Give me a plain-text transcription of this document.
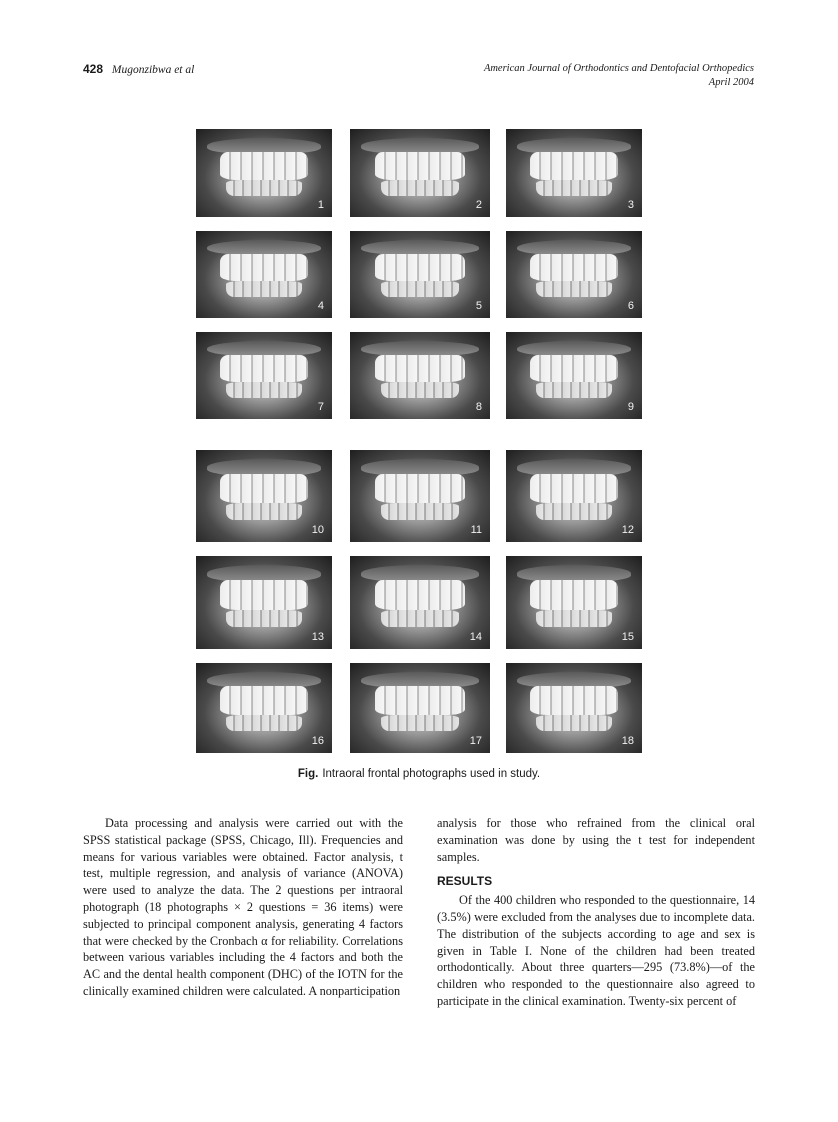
428 Mugonzibwa et al	American Journal of Orthodontics and Dentofacial Orthopedics
April 2004
1	2	3
4	5	6
7	8	9
10	11	12
13	14	15
16	17	18
Fig. Intraoral frontal photographs used in study.

Data processing and analysis were carried out with the SPSS statistical package (SPSS, Chicago, Ill). Frequencies and means for various variables were obtained. Factor analysis, t test, multiple regression, and analysis of variance (ANOVA) were used to analyze the data. The 2 questions per intraoral photograph (18 photographs × 2 questions = 36 items) were subjected to principal component analysis, generating 4 factors that were checked by the Cronbach α for reliability. Correlations between various variables including the 4 factors and both the AC and the dental health component (DHC) of the IOTN for the clinically examined children were calculated. A nonparticipation

analysis for those who refrained from the clinical oral examination was done by using the t test for independent samples.

RESULTS

Of the 400 children who responded to the questionnaire, 14 (3.5%) were excluded from the analyses due to incomplete data. The distribution of the subjects according to age and sex is given in Table I. None of the children had been treated orthodontically. About three quarters—295 (73.8%)—of the children who responded to the questionnaire also agreed to participate in the clinical examination. Twenty-six percent of
